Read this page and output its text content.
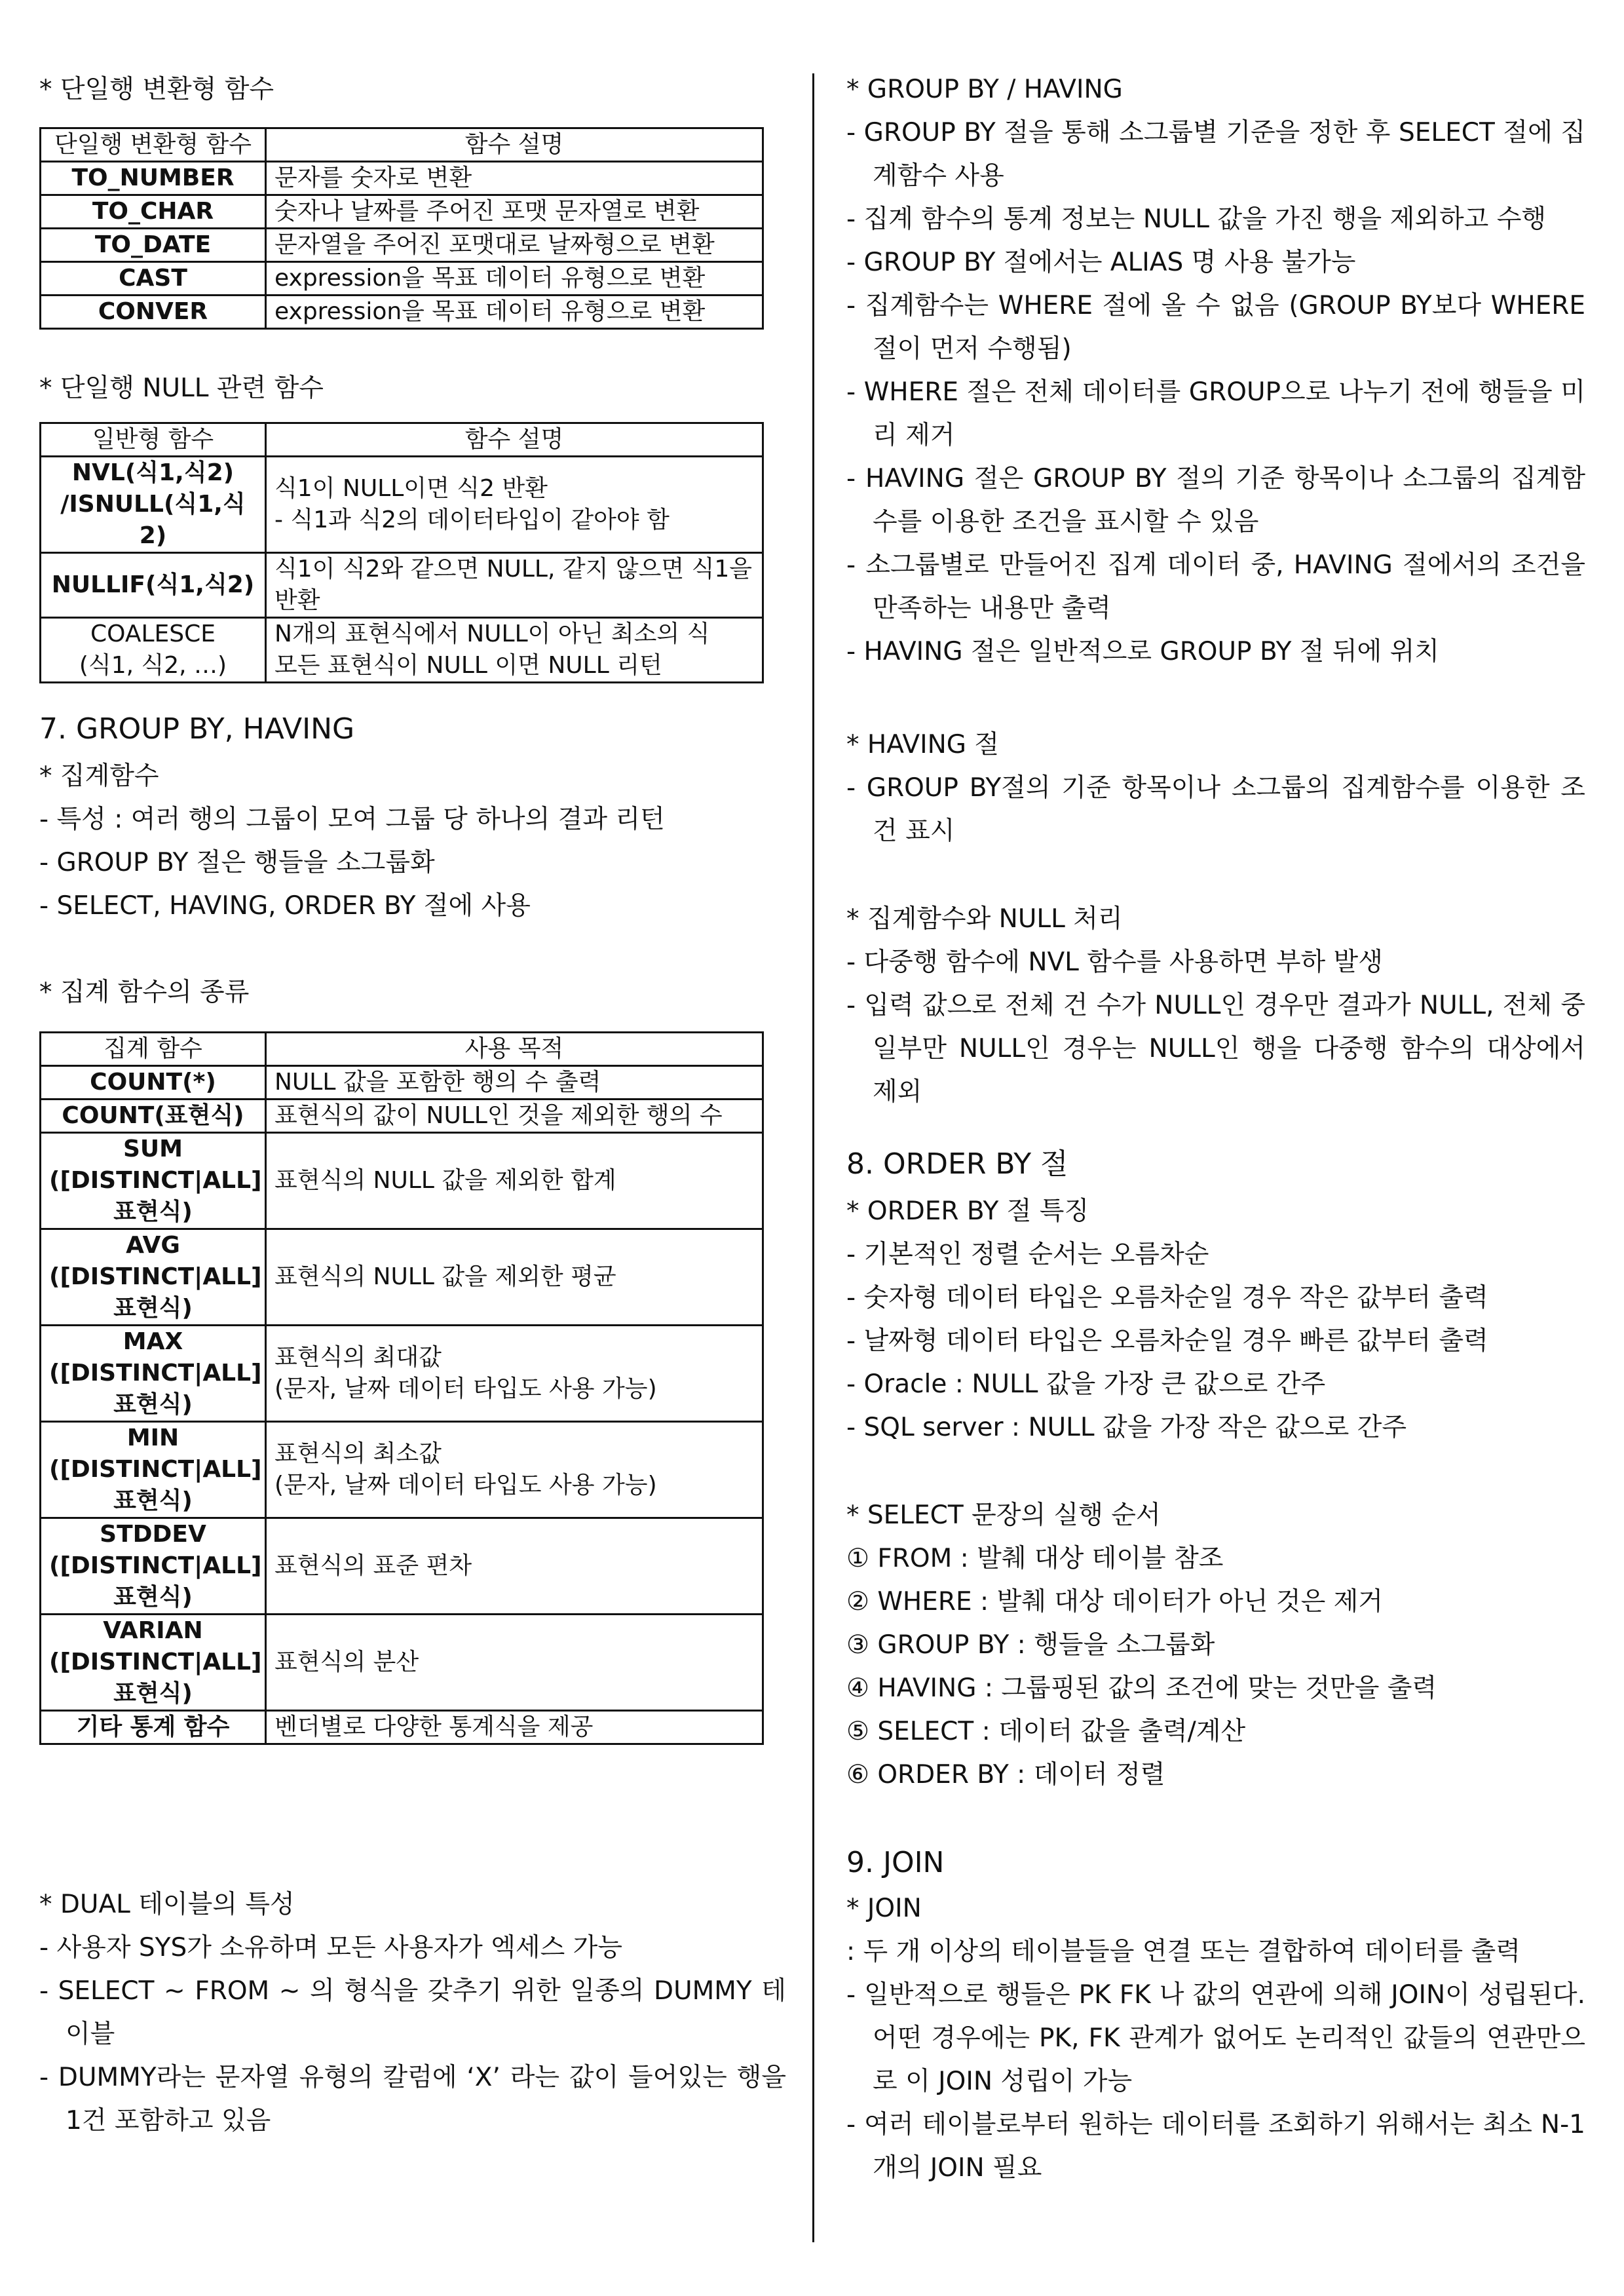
* 단일행 변환형 함수

단일행 변환형 함수	함수 설명
TO_NUMBER	문자를 숫자로 변환
TO_CHAR	숫자나 날짜를 주어진 포맷 문자열로 변환
TO_DATE	문자열을 주어진 포맷대로 날짜형으로 변환
CAST	expression을 목표 데이터 유형으로 변환
CONVER	expression을 목표 데이터 유형으로 변환

* 단일행 NULL 관련 함수

일반형 함수	함수 설명
NVL(식1,식2)
/ISNULL(식1,식2)	식1이 NULL이면 식2 반환
- 식1과 식2의 데이터타입이 같아야 함
NULLIF(식1,식2)	식1이 식2와 같으면 NULL, 같지 않으면 식1을 반환
COALESCE
(식1, 식2, …)	N개의 표현식에서 NULL이 아닌 최소의 식
모든 표현식이 NULL 이면 NULL 리턴
7. GROUP BY, HAVING

* 집계함수

- 특성 : 여러 행의 그룹이 모여 그룹 당 하나의 결과 리턴
- GROUP BY 절은 행들을 소그룹화
- SELECT, HAVING, ORDER BY 절에 사용

* 집계 함수의 종류

집계 함수	사용 목적
COUNT(*)	NULL 값을 포함한 행의 수 출력
COUNT(표현식)	표현식의 값이 NULL인 것을 제외한 행의 수
SUM
([DISTINCT|ALL]
표현식)	표현식의 NULL 값을 제외한 합계
AVG
([DISTINCT|ALL]
표현식)	표현식의 NULL 값을 제외한 평균
MAX
([DISTINCT|ALL]
표현식)	표현식의 최대값
(문자, 날짜 데이터 타입도 사용 가능)
MIN
([DISTINCT|ALL]
표현식)	표현식의 최소값
(문자, 날짜 데이터 타입도 사용 가능)
STDDEV
([DISTINCT|ALL]
표현식)	표현식의 표준 편차
VARIAN
([DISTINCT|ALL]
표현식)	표현식의 분산
기타 통계 함수	벤더별로 다양한 통계식을 제공

* DUAL 테이블의 특성

- 사용자 SYS가 소유하며 모든 사용자가 엑세스 가능
- SELECT ~ FROM ~ 의 형식을 갖추기 위한 일종의 DUMMY 테이블
- DUMMY라는 문자열 유형의 칼럼에 ‘X’ 라는 값이 들어있는 행을 1건 포함하고 있음

* GROUP BY / HAVING

- GROUP BY 절을 통해 소그룹별 기준을 정한 후 SELECT 절에 집계함수 사용
- 집계 함수의 통계 정보는 NULL 값을 가진 행을 제외하고 수행
- GROUP BY 절에서는 ALIAS 명 사용 불가능
- 집계함수는 WHERE 절에 올 수 없음 (GROUP BY보다 WHERE절이 먼저 수행됨)
- WHERE 절은 전체 데이터를 GROUP으로 나누기 전에 행들을 미리 제거
- HAVING 절은 GROUP BY 절의 기준 항목이나 소그룹의 집계함수를 이용한 조건을 표시할 수 있음
- 소그룹별로 만들어진 집계 데이터 중, HAVING 절에서의 조건을 만족하는 내용만 출력
- HAVING 절은 일반적으로 GROUP BY 절 뒤에 위치

* HAVING 절

- GROUP BY절의 기준 항목이나 소그룹의 집계함수를 이용한 조건 표시

* 집계함수와 NULL 처리

- 다중행 함수에 NVL 함수를 사용하면 부하 발생
- 입력 값으로 전체 건 수가 NULL인 경우만 결과가 NULL, 전체 중 일부만 NULL인 경우는 NULL인 행을 다중행 함수의 대상에서 제외
8. ORDER BY 절

* ORDER BY 절 특징

- 기본적인 정렬 순서는 오름차순
- 숫자형 데이터 타입은 오름차순일 경우 작은 값부터 출력
- 날짜형 데이터 타입은 오름차순일 경우 빠른 값부터 출력
- Oracle : NULL 값을 가장 큰 값으로 간주
- SQL server : NULL 값을 가장 작은 값으로 간주

* SELECT 문장의 실행 순서

① FROM : 발췌 대상 테이블 참조
② WHERE : 발췌 대상 데이터가 아닌 것은 제거
③ GROUP BY : 행들을 소그룹화
④ HAVING : 그룹핑된 값의 조건에 맞는 것만을 출력
⑤ SELECT : 데이터 값을 출력/계산
⑥ ORDER BY : 데이터 정렬
9. JOIN

* JOIN

: 두 개 이상의 테이블들을 연결 또는 결합하여 데이터를 출력

- 일반적으로 행들은 PK FK 나 값의 연관에 의해 JOIN이 성립된다. 어떤 경우에는 PK, FK 관계가 없어도 논리적인 값들의 연관만으로 이 JOIN 성립이 가능
- 여러 테이블로부터 원하는 데이터를 조회하기 위해서는 최소 N-1 개의 JOIN 필요
